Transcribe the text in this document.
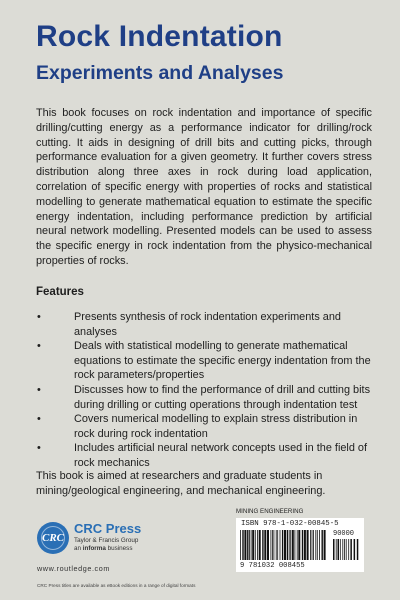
Rock Indentation
Experiments and Analyses

This book focuses on rock indentation and importance of specific drilling/cutting energy as a performance indicator for drilling/rock cutting. It aids in designing of drill bits and cutting picks, through performance evaluation for a given geometry. It further covers stress distribution along three axes in rock during load application, correlation of specific energy with properties of rocks and statistical modelling to generate mathematical equation to estimate the specific energy indentation, including performance prediction by artificial neural network modelling. Presented models can be used to assess the specific energy in rock indentation from the physico-mechanical properties of rocks.

Features
• Presents synthesis of rock indentation experiments and analyses
• Deals with statistical modelling to generate mathematical equations to estimate the specific energy indentation from the rock parameters/properties
• Discusses how to find the performance of drill and cutting bits during drilling or cutting operations through indentation test
• Covers numerical modelling to explain stress distribution in rock during rock indentation
• Includes artificial neural network concepts used in the field of rock mechanics

This book is aimed at researchers and graduate students in mining/geological engineering, and mechanical engineering.

CRC
CRC Press
Taylor & Francis Group
an informa business
www.routledge.com
CRC Press titles are available as eBook editions in a range of digital formats
MINING ENGINEERING
ISBN 978-1-032-00845-5
90000
9 781032 008455
